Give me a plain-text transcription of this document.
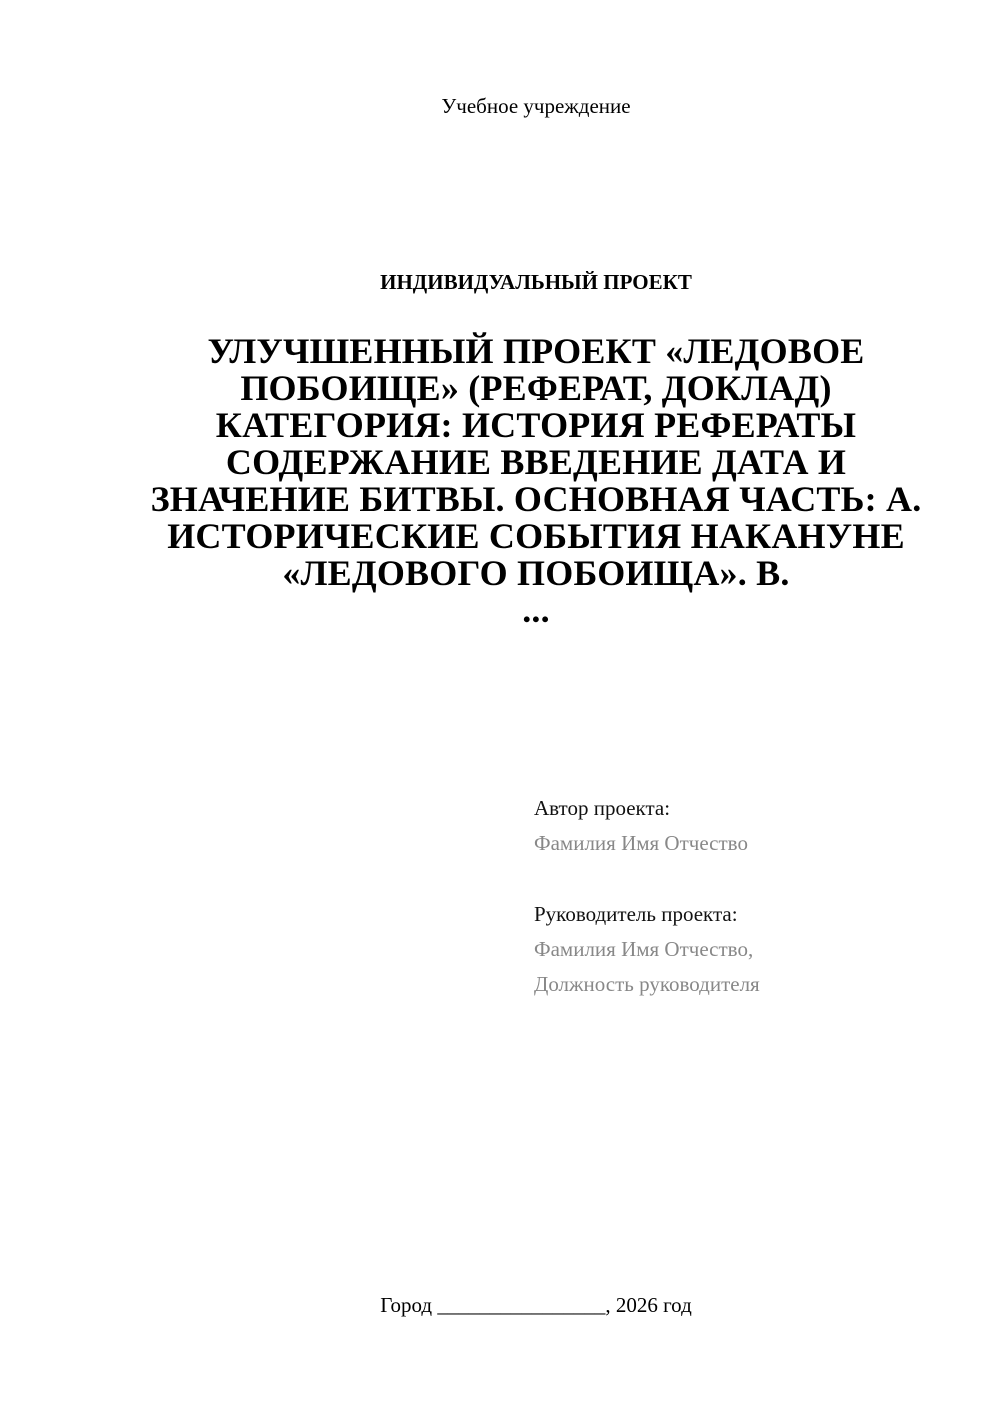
Учебное учреждение
ИНДИВИДУАЛЬНЫЙ ПРОЕКТ
УЛУЧШЕННЫЙ ПРОЕКТ «ЛЕДОВОЕ ПОБОИЩЕ» (РЕФЕРАТ, ДОКЛАД) КАТЕГОРИЯ: ИСТОРИЯ РЕФЕРАТЫ СОДЕРЖАНИЕ ВВЕДЕНИЕ ДАТА И ЗНАЧЕНИЕ БИТВЫ. ОСНОВНАЯ ЧАСТЬ: А. ИСТОРИЧЕСКИЕ СОБЫТИЯ НАКАНУНЕ «ЛЕДОВОГО ПОБОИЩА». В.
...
Автор проекта:
Фамилия Имя Отчество
Руководитель проекта:
Фамилия Имя Отчество,
Должность руководителя
Город ________________, 2026 год
